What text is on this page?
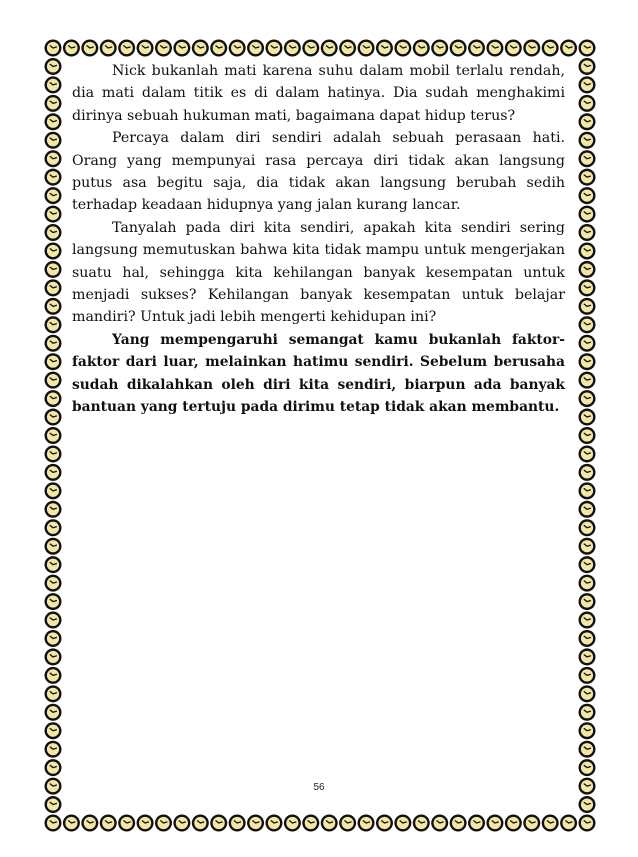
Nick bukanlah mati karena suhu dalam mobil terlalu rendah, dia mati dalam titik es di dalam hatinya. Dia sudah menghakimi dirinya sebuah hukuman mati, bagaimana dapat hidup terus?

Percaya dalam diri sendiri adalah sebuah perasaan hati. Orang yang mempunyai rasa percaya diri tidak akan langsung putus asa begitu saja, dia tidak akan langsung berubah sedih terhadap keadaan hidupnya yang jalan kurang lancar.

Tanyalah pada diri kita sendiri, apakah kita sendiri sering langsung memutuskan bahwa kita tidak mampu untuk mengerjakan suatu hal, sehingga kita kehilangan banyak kesempatan untuk menjadi sukses? Kehilangan banyak kesempatan untuk belajar mandiri? Untuk jadi lebih mengerti kehidupan ini?

Yang mempengaruhi semangat kamu bukanlah faktor-faktor dari luar, melainkan hatimu sendiri. Sebelum berusaha sudah dikalahkan oleh diri kita sendiri, biarpun ada banyak bantuan yang tertuju pada dirimu tetap tidak akan membantu.

56
